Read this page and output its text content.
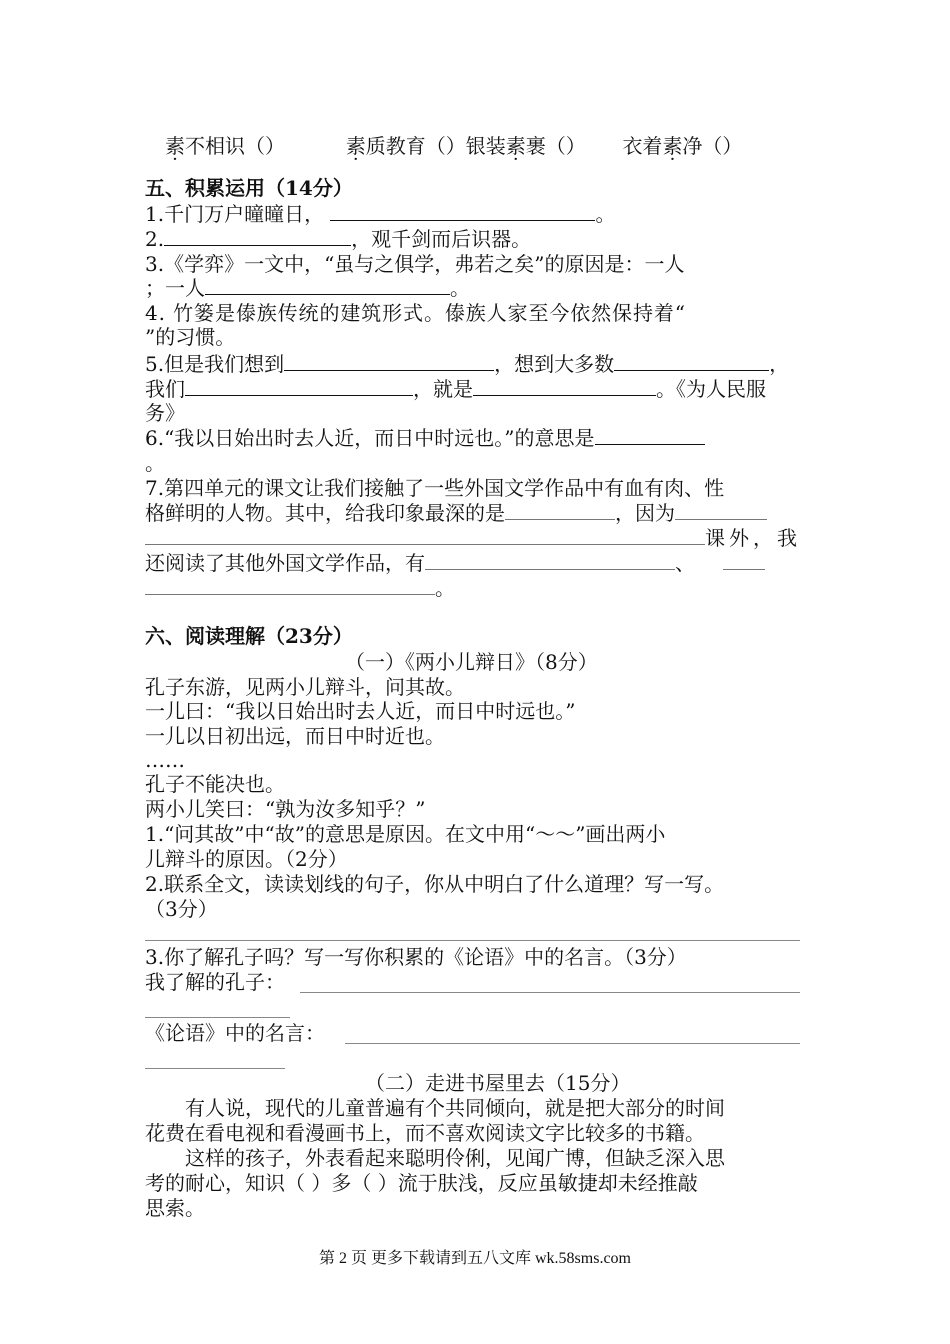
素不相识（）	素质教育（）银装素裹（） 衣着素净（）
五、积累运用（14分）
1.千门万户曈曈日，	。
2.	，观千剑而后识器。
3.《学弈》一文中，“虽与之俱学，弗若之矣”的原因是：一人
；一人	。
4. 竹篓是傣族传统的建筑形式。傣族人家至今依然保持着“
”的习惯。
5.但是我们想到	，想到大多数	，
我们	，就是	。《为人民服
务》
6.“我以日始出时去人近，而日中时远也。”的意思是
。
7.第四单元的课文让我们接触了一些外国文学作品中有血有肉、性
格鲜明的人物。其中，给我印象最深的是	，因为
课外，我
还阅读了其他外国文学作品，有	、
。
六、阅读理解（23分）
（一）《两小儿辩日》（8分）
孔子东游，见两小儿辩斗，问其故。
一儿曰：“我以日始出时去人近，而日中时远也。”
一儿以日初出远，而日中时近也。
……
孔子不能决也。
两小儿笑曰：“孰为汝多知乎？”
1.“问其故”中“故”的意思是原因。在文中用“～～”画出两小
儿辩斗的原因。（2分）
2.联系全文，读读划线的句子，你从中明白了什么道理？写一写。
（3分）
3.你了解孔子吗？写一写你积累的《论语》中的名言。（3分）
我了解的孔子：
《论语》中的名言：
（二）走进书屋里去（15分）
有人说，现代的儿童普遍有个共同倾向，就是把大部分的时间
花费在看电视和看漫画书上，而不喜欢阅读文字比较多的书籍。
这样的孩子，外表看起来聪明伶俐，见闻广博，但缺乏深入思
考的耐心，知识（ ）多（ ）流于肤浅，反应虽敏捷却未经推敲
思索。
第 2 页 更多下载请到五八文库 wk.58sms.com
